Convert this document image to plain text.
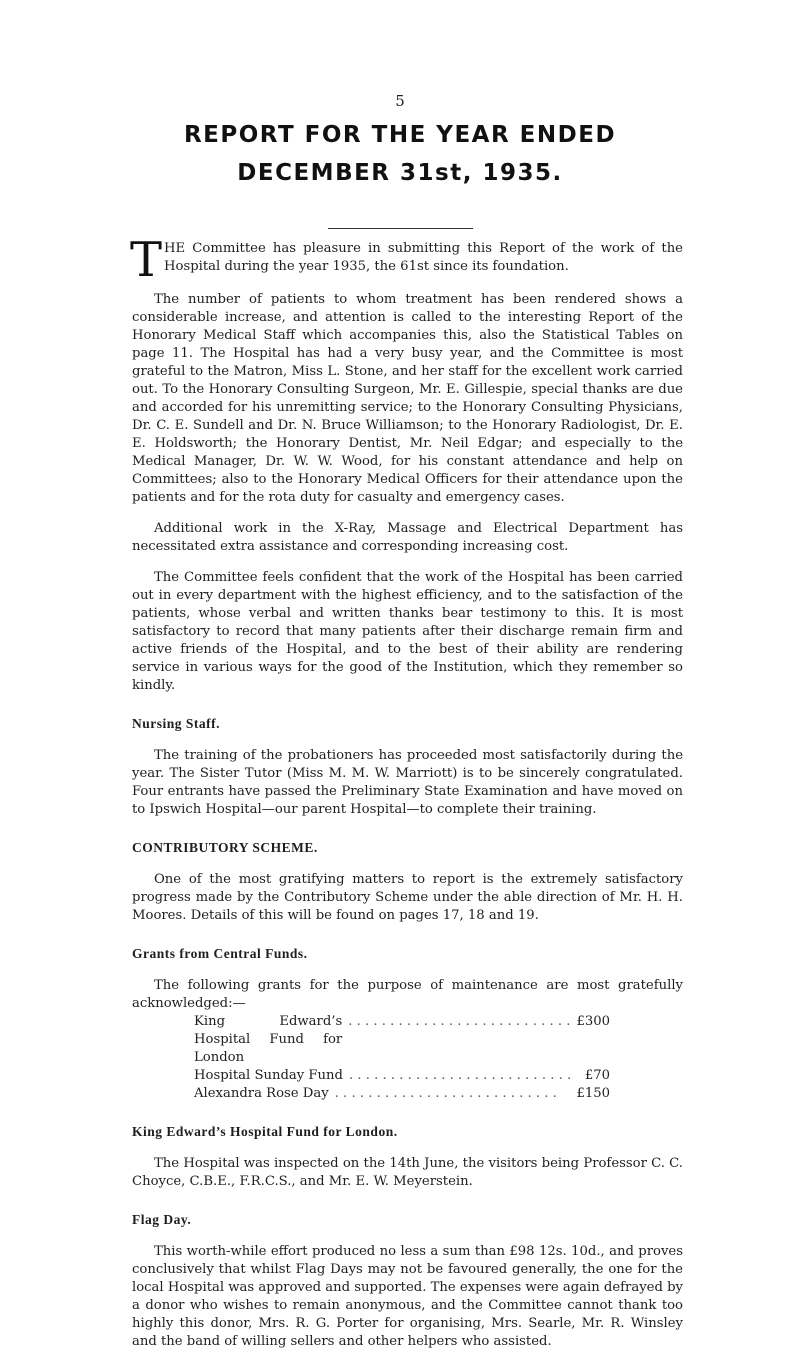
5
REPORT FOR THE YEAR ENDED
DECEMBER 31st, 1935.

THE Committee has pleasure in submitting this Report of the work of the Hospital during the year 1935, the 61st since its foundation.

The number of patients to whom treatment has been rendered shows a considerable increase, and attention is called to the interesting Report of the Honorary Medical Staff which accompanies this, also the Statistical Tables on page 11. The Hospital has had a very busy year, and the Committee is most grateful to the Matron, Miss L. Stone, and her staff for the excellent work carried out. To the Honorary Consulting Surgeon, Mr. E. Gillespie, special thanks are due and accorded for his unremitting service; to the Honorary Consulting Physicians, Dr. C. E. Sundell and Dr. N. Bruce Williamson; to the Honorary Radiologist, Dr. E. E. Holdsworth; the Honorary Dentist, Mr. Neil Edgar; and especially to the Medical Manager, Dr. W. W. Wood, for his constant attendance and help on Committees; also to the Honorary Medical Officers for their attendance upon the patients and for the rota duty for casualty and emergency cases.

Additional work in the X-Ray, Massage and Electrical Department has necessitated extra assistance and corresponding increasing cost.

The Committee feels confident that the work of the Hospital has been carried out in every department with the highest efficiency, and to the satisfaction of the patients, whose verbal and written thanks bear testimony to this. It is most satisfactory to record that many patients after their discharge remain firm and active friends of the Hospital, and to the best of their ability are rendering service in various ways for the good of the Institution, which they remember so kindly.

Nursing Staff.

The training of the probationers has proceeded most satisfactorily during the year. The Sister Tutor (Miss M. M. W. Marriott) is to be sincerely congratulated. Four entrants have passed the Preliminary State Examination and have moved on to Ipswich Hospital—our parent Hospital—to complete their training.

CONTRIBUTORY SCHEME.

One of the most gratifying matters to report is the extremely satisfactory progress made by the Contributory Scheme under the able direction of Mr. H. H. Moores. Details of this will be found on pages 17, 18 and 19.

Grants from Central Funds.

The following grants for the purpose of maintenance are most gratefully acknowledged:—

King Edward’s Hospital Fund for London
. . . . . . . . . . . . . . . . . . . . . . . . . . . £300
Hospital Sunday Fund . . . . . . . . . . . . . . . . . . . . . . . . . . .	£70
Alexandra Rose Day . . . . . . . . . . . . . . . . . . . . . . . . . . .	£150

King Edward’s Hospital Fund for London.

The Hospital was inspected on the 14th June, the visitors being Professor C. C. Choyce, C.B.E., F.R.C.S., and Mr. E. W. Meyerstein.

Flag Day.

This worth-while effort produced no less a sum than £98 12s. 10d., and proves conclusively that whilst Flag Days may not be favoured generally, the one for the local Hospital was approved and supported. The expenses were again defrayed by a donor who wishes to remain anonymous, and the Committee cannot thank too highly this donor, Mrs. R. G. Porter for organising, Mrs. Searle, Mr. R. Winsley and the band of willing sellers and other helpers who assisted.
